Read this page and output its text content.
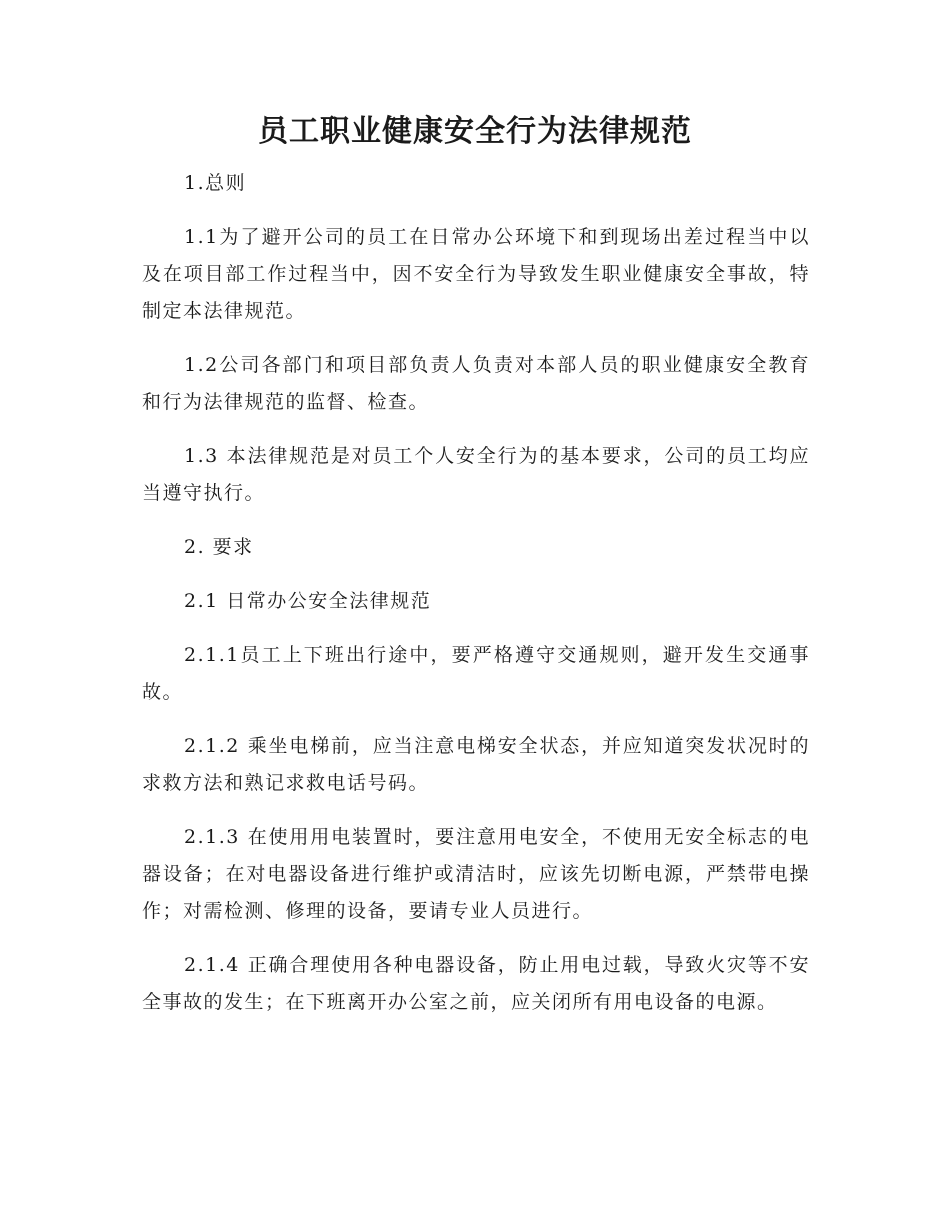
员工职业健康安全行为法律规范

1.总则

1.1为了避开公司的员工在日常办公环境下和到现场出差过程当中以及在项目部工作过程当中，因不安全行为导致发生职业健康安全事故，特制定本法律规范。

1.2公司各部门和项目部负责人负责对本部人员的职业健康安全教育和行为法律规范的监督、检查。

1.3 本法律规范是对员工个人安全行为的基本要求，公司的员工均应当遵守执行。

2. 要求

2.1 日常办公安全法律规范

2.1.1员工上下班出行途中，要严格遵守交通规则，避开发生交通事故。

2.1.2 乘坐电梯前，应当注意电梯安全状态，并应知道突发状况时的求救方法和熟记求救电话号码。

2.1.3 在使用用电装置时，要注意用电安全，不使用无安全标志的电器设备；在对电器设备进行维护或清洁时，应该先切断电源，严禁带电操作；对需检测、修理的设备，要请专业人员进行。

2.1.4 正确合理使用各种电器设备，防止用电过载，导致火灾等不安全事故的发生；在下班离开办公室之前，应关闭所有用电设备的电源。
